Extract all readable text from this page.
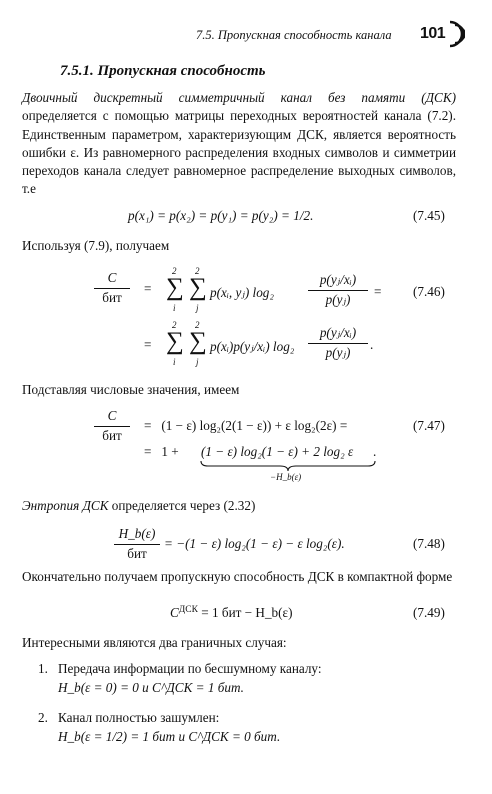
7.5. Пропускная способность канала 101
7.5.1. Пропускная способность
Двоичный дискретный симметричный канал без памяти (ДСК) определяется с помощью матрицы переходных вероятностей канала (7.2). Единственным параметром, характеризующим ДСК, является вероятность ошибки ε. Из равномерного распределения входных символов и симметрии переходов канала следует равномерное распределение выходных символов, т.е
p(x₁) = p(x₂) = p(y₁) = p(y₂) = 1/2.	(7.45)
Используя (7.9), получаем
C
бит
=
2
∑
i
2
∑
j
p(xᵢ, yⱼ) log₂
p(yⱼ/xᵢ)
p(yⱼ)
= (7.46)
=
2
∑
i
2
∑
j
p(xᵢ)p(yⱼ/xᵢ) log₂
p(yⱼ/xᵢ)
p(yⱼ)
.
Подставляя числовые значения, имеем
C
бит
=   (1 − ε) log₂(2(1 − ε)) + ε log₂(2ε) =	(7.47)
=   1 + (1 − ε) log₂(1 − ε) + 2 log₂ ε .
−H_b(ε)
Энтропия ДСК определяется через (2.32)
H_b(ε)
бит
= −(1 − ε) log₂(1 − ε) − ε log₂(ε).	(7.48)
Окончательно получаем пропускную способность ДСК в компактной форме
$C^{ДСК} = 1$ бит − H_b(ε)	(7.49)
Интересными являются два граничных случая:
1. Передача информации по бесшумному каналу:
H_b(ε = 0) = 0 и C^ДСК = 1 бит.
2. Канал полностью зашумлен:
H_b(ε = 1/2) = 1 бит и C^ДСК = 0 бит.
